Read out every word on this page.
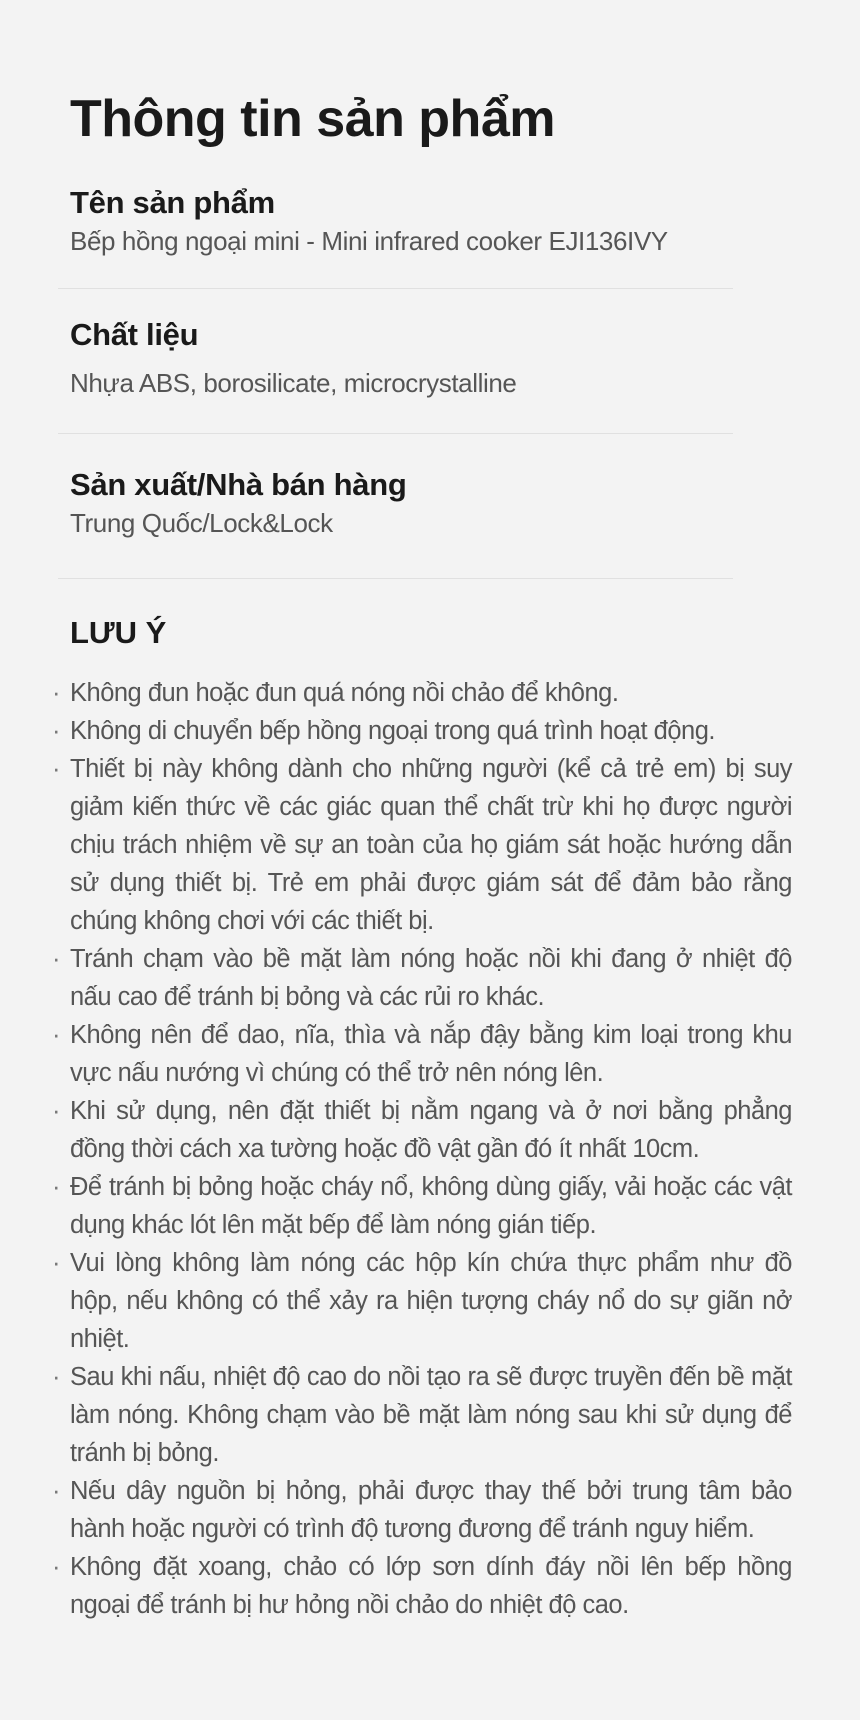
Thông tin sản phẩm

Tên sản phẩm

Bếp hồng ngoại mini - Mini infrared cooker EJI136IVY

Chất liệu

Nhựa ABS, borosilicate, microcrystalline

Sản xuất/Nhà bán hàng

Trung Quốc/Lock&Lock

LƯU Ý
· Không đun hoặc đun quá nóng nồi chảo để không.
· Không di chuyển bếp hồng ngoại trong quá trình hoạt động.
· Thiết bị này không dành cho những người (kể cả trẻ em) bị suy giảm kiến thức về các giác quan thể chất trừ khi họ được người chịu trách nhiệm về sự an toàn của họ giám sát hoặc hướng dẫn sử dụng thiết bị. Trẻ em phải được giám sát để đảm bảo rằng chúng không chơi với các thiết bị.
· Tránh chạm vào bề mặt làm nóng hoặc nồi khi đang ở nhiệt độ nấu cao để tránh bị bỏng và các rủi ro khác.
· Không nên để dao, nĩa, thìa và nắp đậy bằng kim loại trong khu vực nấu nướng vì chúng có thể trở nên nóng lên.
· Khi sử dụng, nên đặt thiết bị nằm ngang và ở nơi bằng phẳng đồng thời cách xa tường hoặc đồ vật gần đó ít nhất 10cm.
· Để tránh bị bỏng hoặc cháy nổ, không dùng giấy, vải hoặc các vật dụng khác lót lên mặt bếp để làm nóng gián tiếp.
· Vui lòng không làm nóng các hộp kín chứa thực phẩm như đồ hộp, nếu không có thể xảy ra hiện tượng cháy nổ do sự giãn nở nhiệt.
· Sau khi nấu, nhiệt độ cao do nồi tạo ra sẽ được truyền đến bề mặt làm nóng. Không chạm vào bề mặt làm nóng sau khi sử dụng để tránh bị bỏng.
· Nếu dây nguồn bị hỏng, phải được thay thế bởi trung tâm bảo hành hoặc người có trình độ tương đương để tránh nguy hiểm.
· Không đặt xoang, chảo có lớp sơn dính đáy nồi lên bếp hồng ngoại để tránh bị hư hỏng nồi chảo do nhiệt độ cao.
